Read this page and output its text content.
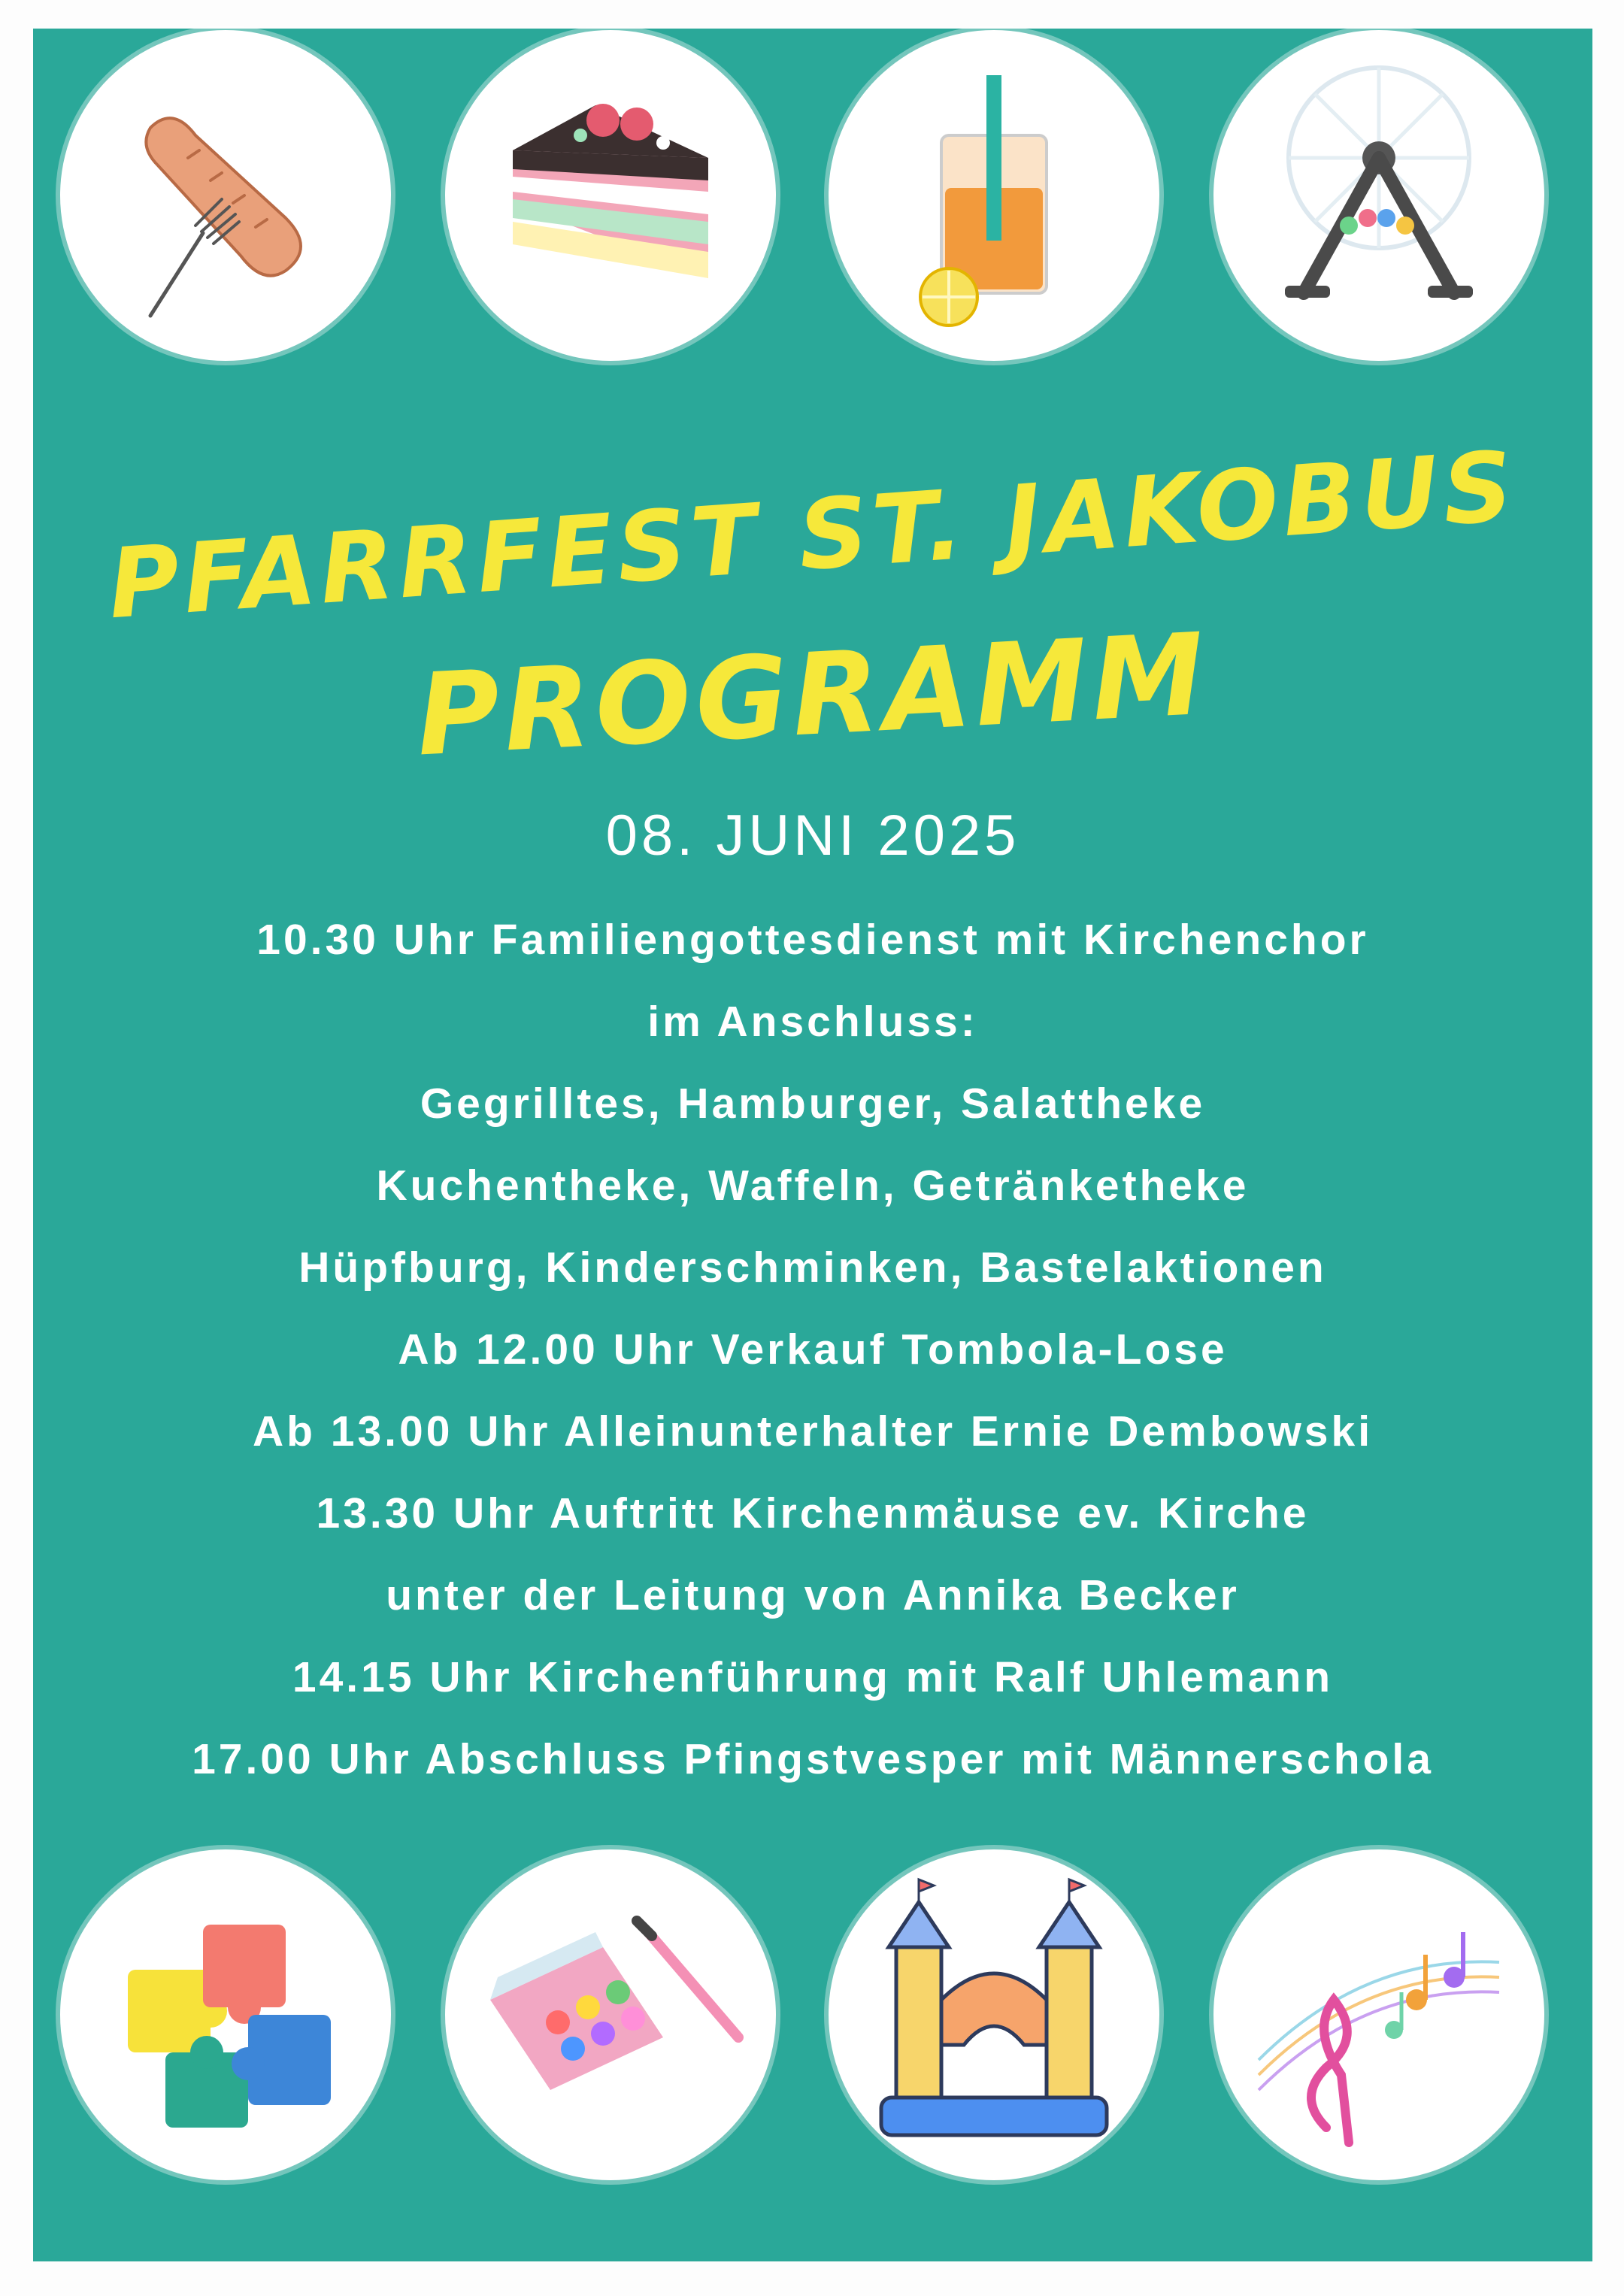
PFARRFEST ST. JAKOBUS
PROGRAMM
08. JUNI 2025
10.30 Uhr Familiengottesdienst mit Kirchenchor
im Anschluss:
Gegrilltes, Hamburger, Salattheke
Kuchentheke, Waffeln, Getränketheke
Hüpfburg, Kinderschminken, Bastelaktionen
Ab 12.00 Uhr Verkauf Tombola-Lose
Ab 13.00 Uhr Alleinunterhalter Ernie Dembowski
13.30 Uhr Auftritt Kirchenmäuse ev. Kirche
unter der Leitung von Annika Becker
14.15 Uhr Kirchenführung mit Ralf Uhlemann
17.00 Uhr Abschluss Pfingstvesper mit Männerschola
